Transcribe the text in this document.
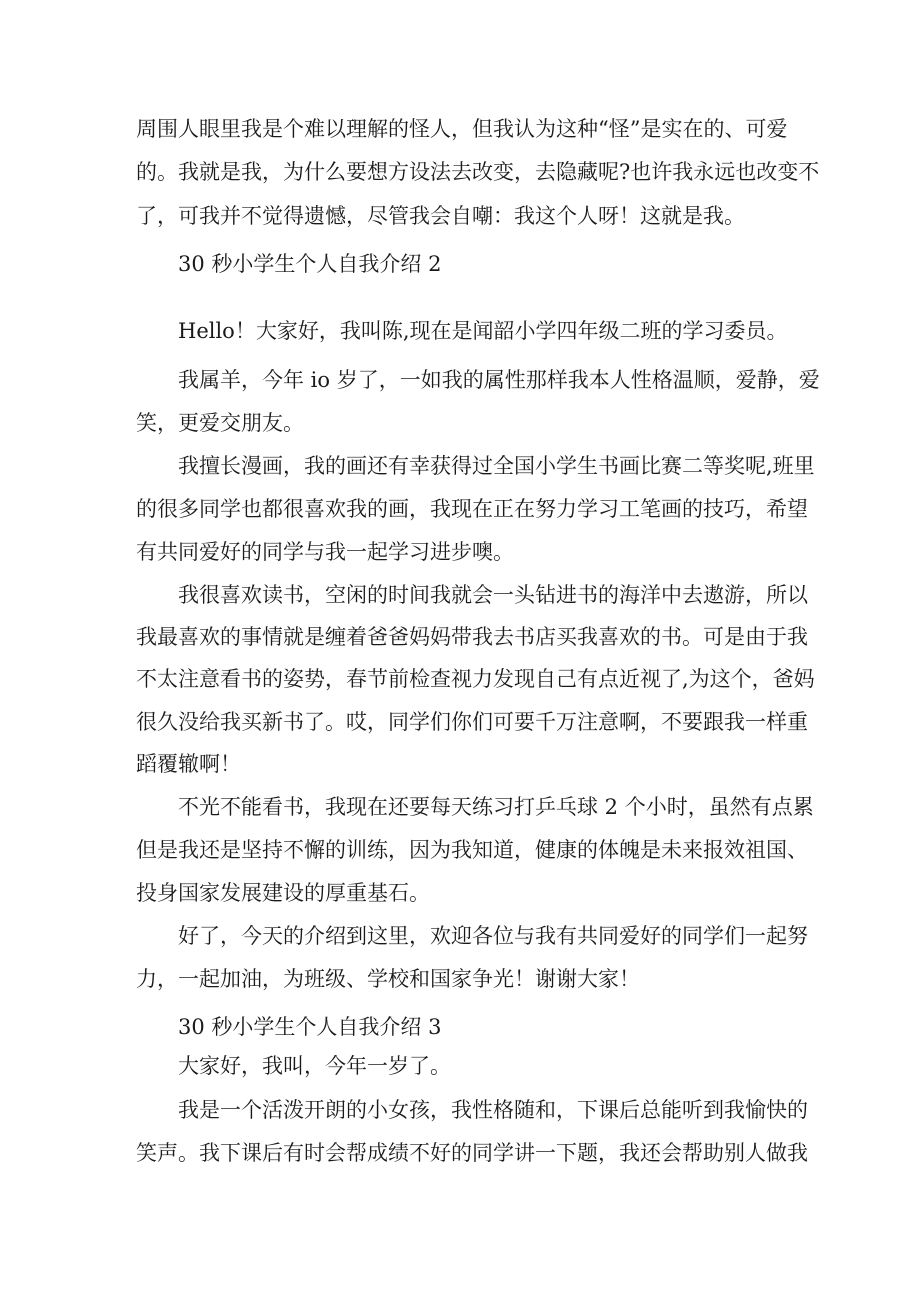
周围人眼里我是个难以理解的怪人，但我认为这种“怪”是实在的、可爱
的。我就是我，为什么要想方设法去改变，去隐藏呢?也许我永远也改变不
了，可我并不觉得遗憾，尽管我会自嘲：我这个人呀！这就是我。
30 秒小学生个人自我介绍 2
Hello！大家好，我叫陈,现在是闻韶小学四年级二班的学习委员。
我属羊，今年 io 岁了，一如我的属性那样我本人性格温顺，爱静，爱
笑，更爱交朋友。
我擅长漫画，我的画还有幸获得过全国小学生书画比赛二等奖呢,班里
的很多同学也都很喜欢我的画，我现在正在努力学习工笔画的技巧，希望
有共同爱好的同学与我一起学习进步噢。
我很喜欢读书，空闲的时间我就会一头钻进书的海洋中去遨游，所以
我最喜欢的事情就是缠着爸爸妈妈带我去书店买我喜欢的书。可是由于我
不太注意看书的姿势，春节前检查视力发现自己有点近视了,为这个，爸妈
很久没给我买新书了。哎，同学们你们可要千万注意啊，不要跟我一样重
蹈覆辙啊！
不光不能看书，我现在还要每天练习打乒乓球 2 个小时，虽然有点累
但是我还是坚持不懈的训练，因为我知道，健康的体魄是未来报效祖国、
投身国家发展建设的厚重基石。
好了，今天的介绍到这里，欢迎各位与我有共同爱好的同学们一起努
力，一起加油，为班级、学校和国家争光！谢谢大家！
30 秒小学生个人自我介绍 3
大家好，我叫，今年一岁了。
我是一个活泼开朗的小女孩，我性格随和，下课后总能听到我愉快的
笑声。我下课后有时会帮成绩不好的同学讲一下题，我还会帮助别人做我
